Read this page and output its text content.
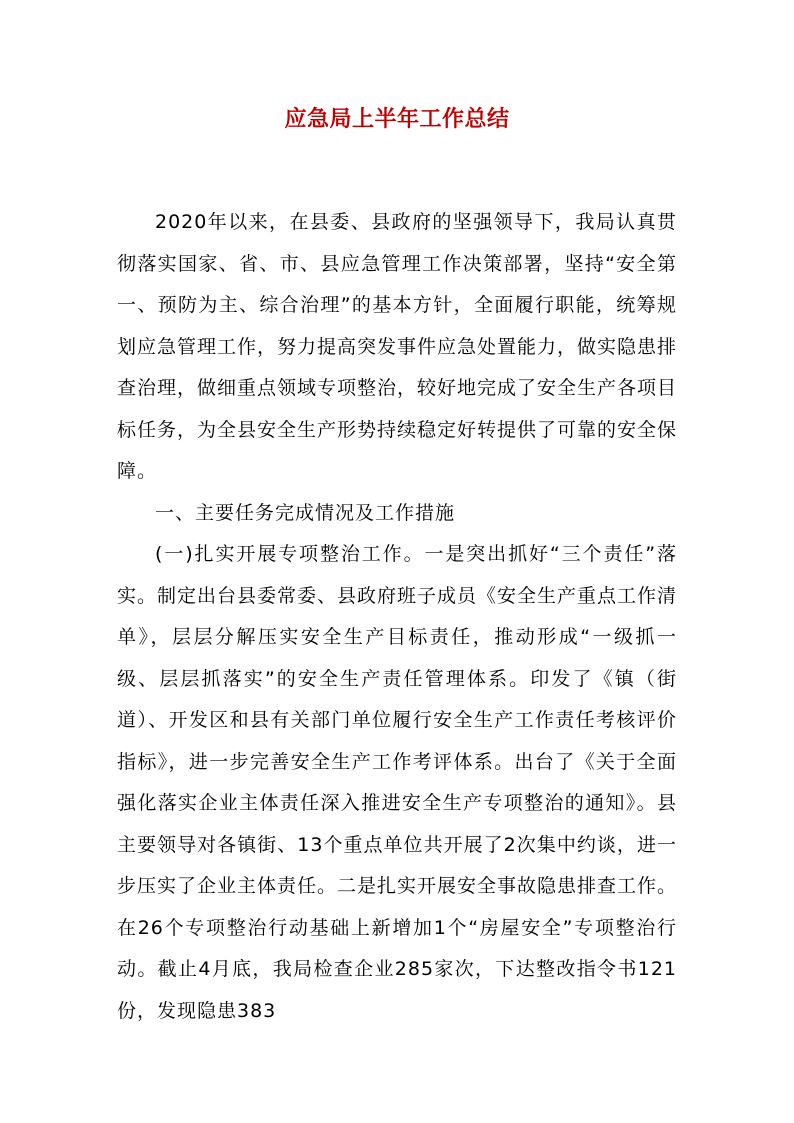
应急局上半年工作总结

2020年以来，在县委、县政府的坚强领导下，我局认真贯彻落实国家、省、市、县应急管理工作决策部署，坚持“安全第一、预防为主、综合治理”的基本方针，全面履行职能，统筹规划应急管理工作，努力提高突发事件应急处置能力，做实隐患排查治理，做细重点领域专项整治，较好地完成了安全生产各项目标任务，为全县安全生产形势持续稳定好转提供了可靠的安全保障。

一、主要任务完成情况及工作措施

(一)扎实开展专项整治工作。一是突出抓好“三个责任”落实。制定出台县委常委、县政府班子成员《安全生产重点工作清单》，层层分解压实安全生产目标责任，推动形成“一级抓一级、层层抓落实”的安全生产责任管理体系。印发了《镇（街道）、开发区和县有关部门单位履行安全生产工作责任考核评价指标》，进一步完善安全生产工作考评体系。出台了《关于全面强化落实企业主体责任深入推进安全生产专项整治的通知》。县主要领导对各镇街、13个重点单位共开展了2次集中约谈，进一步压实了企业主体责任。二是扎实开展安全事故隐患排查工作。在26个专项整治行动基础上新增加1个“房屋安全”专项整治行动。截止4月底，我局检查企业285家次，下达整改指令书121份，发现隐患383
